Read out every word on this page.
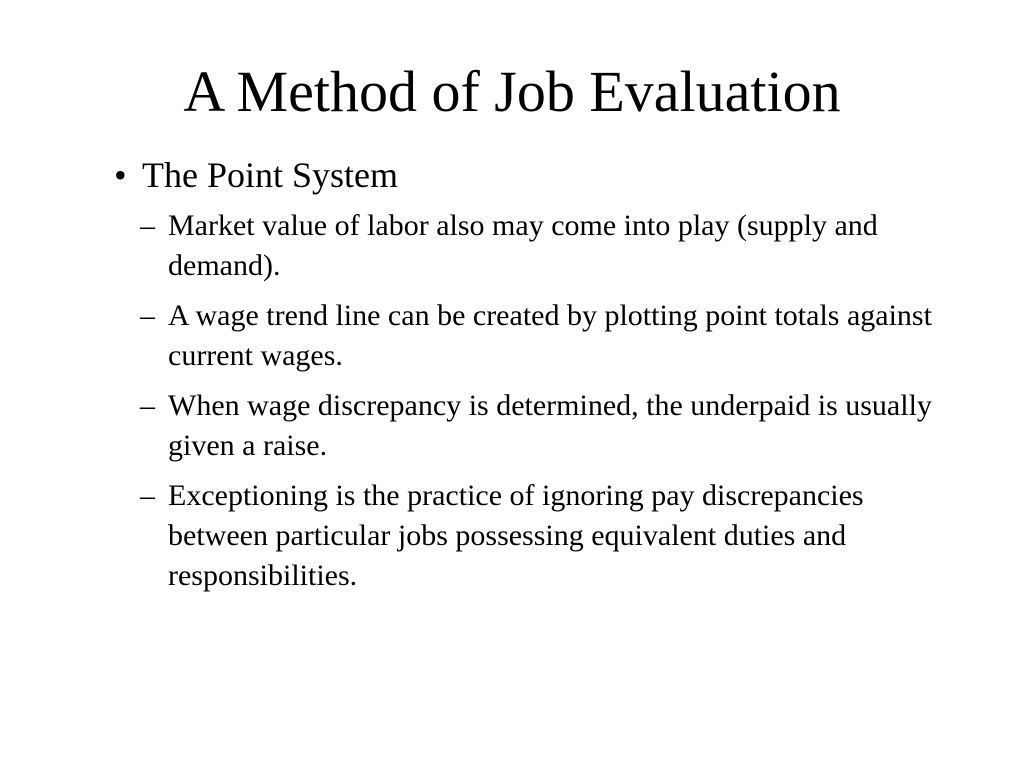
A Method of Job Evaluation
• The Point System
– Market value of labor also may come into play (supply and demand).
– A wage trend line can be created by plotting point totals against current wages.
– When wage discrepancy is determined, the underpaid is usually given a raise.
– Exceptioning is the practice of ignoring pay discrepancies between particular jobs possessing equivalent duties and responsibilities.
